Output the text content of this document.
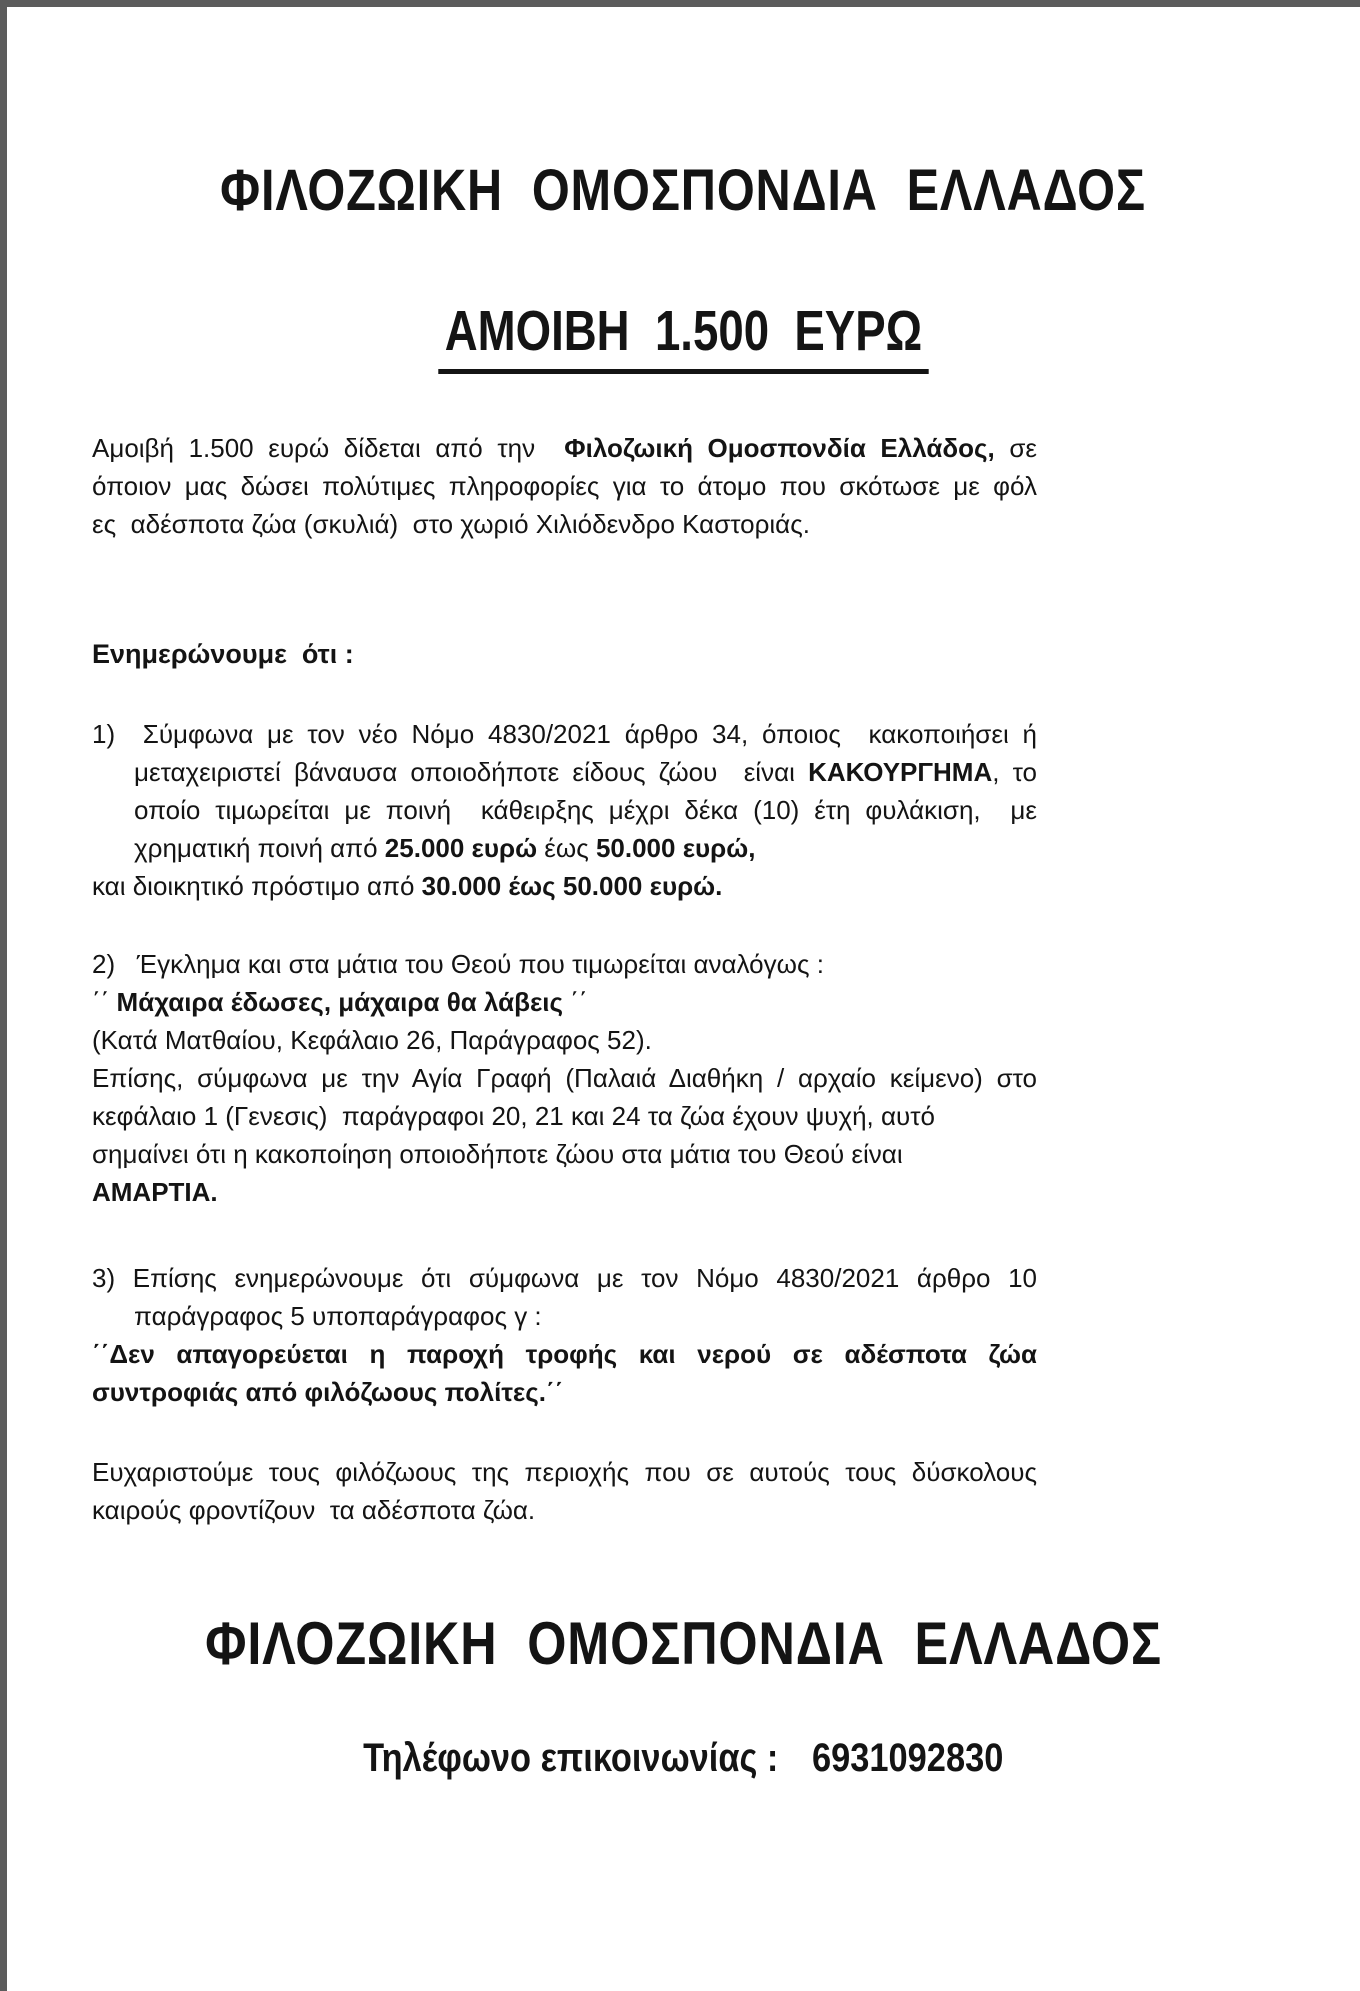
ΦΙΛΟΖΩΙΚΗ  ΟΜΟΣΠΟΝΔΙΑ  ΕΛΛΑΔΟΣ
ΑΜΟΙΒΗ  1.500  ΕΥΡΩ
Αμοιβή 1.500 ευρώ δίδεται από την  Φιλοζωική Ομοσπονδία Ελλάδος, σε
όποιον μας δώσει πολύτιμες πληροφορίες για το άτομο που σκότωσε με φόλ
ες  αδέσποτα ζώα (σκυλιά)  στο χωριό Χιλιόδενδρο Καστοριάς.
Ενημερώνουμε  ότι :
1)  Σύμφωνα με τον νέο Νόμο 4830/2021 άρθρο 34, όποιος  κακοποιήσει ή
μεταχειριστεί βάναυσα οποιοδήποτε είδους ζώου  είναι ΚΑΚΟΥΡΓΗΜΑ, το
οποίο τιμωρείται με ποινή  κάθειρξης μέχρι δέκα (10) έτη φυλάκιση,  με
χρηματική ποινή από 25.000 ευρώ έως 50.000 ευρώ,
και διοικητικό πρόστιμο από 30.000 έως 50.000 ευρώ.
2)   Έγκλημα και στα μάτια του Θεού που τιμωρείται αναλόγως :
΄΄ Μάχαιρα έδωσες, μάχαιρα θα λάβεις ΄΄
(Κατά Ματθαίου, Κεφάλαιο 26, Παράγραφος 52).
Επίσης, σύμφωνα με την Αγία Γραφή (Παλαιά Διαθήκη / αρχαίο κείμενο) στο
κεφάλαιο 1 (Γενεσις)  παράγραφοι 20, 21 και 24 τα ζώα έχουν ψυχή, αυτό
σημαίνει ότι η κακοποίηση οποιοδήποτε ζώου στα μάτια του Θεού είναι
ΑΜΑΡΤΙΑ.
3) Επίσης ενημερώνουμε ότι σύμφωνα με τον Νόμο 4830/2021 άρθρο 10
παράγραφος 5 υποπαράγραφος γ :
΄΄Δεν απαγορεύεται η παροχή τροφής και νερού σε αδέσποτα ζώα
συντροφιάς από φιλόζωους πολίτες.΄΄
Ευχαριστούμε τους φιλόζωους της περιοχής που σε αυτούς τους δύσκολους
καιρούς φροντίζουν  τα αδέσποτα ζώα.
ΦΙΛΟΖΩΙΚΗ  ΟΜΟΣΠΟΝΔΙΑ  ΕΛΛΑΔΟΣ
Τηλέφωνο επικοινωνίας : 6931092830
